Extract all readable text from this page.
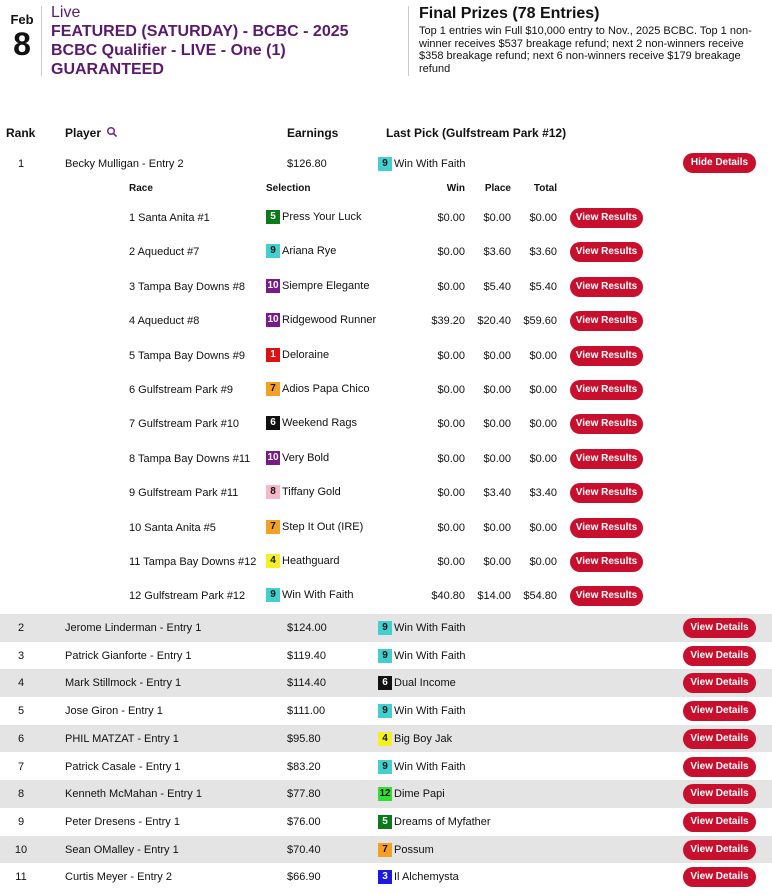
Feb
8
Live
FEATURED (SATURDAY) - BCBC - 2025 BCBC Qualifier - LIVE - One (1) GUARANTEED
Final Prizes (78 Entries)
Top 1 entries win Full $10,000 entry to Nov., 2025 BCBC. Top 1 non-winner receives $537 breakage refund; next 2 non-winners receive $358 breakage refund; next 6 non-winners receive $179 breakage refund
Rank Player	Earnings	Last Pick (Gulfstream Park #12)
1	Becky Mulligan - Entry 2	$126.80	9 Win With Faith	Hide Details
Race	Selection	Win	Place	Total
1 Santa Anita #1	5 Press Your Luck	$0.00	$0.00	$0.00	View Results
2 Aqueduct #7	9 Ariana Rye	$0.00	$3.60	$3.60	View Results
3 Tampa Bay Downs #8 10 Siempre Elegante	$0.00	$5.40	$5.40	View Results
4 Aqueduct #8	10 Ridgewood Runner	$39.20	$20.40	$59.60	View Results
5 Tampa Bay Downs #9	1 Deloraine	$0.00	$0.00	$0.00	View Results
6 Gulfstream Park #9	7 Adios Papa Chico	$0.00	$0.00	$0.00	View Results
7 Gulfstream Park #10	6 Weekend Rags	$0.00	$0.00	$0.00	View Results
8 Tampa Bay Downs #11 10 Very Bold	$0.00	$0.00	$0.00	View Results
9 Gulfstream Park #11	8 Tiffany Gold	$0.00	$3.40	$3.40	View Results
10 Santa Anita #5	7 Step It Out (IRE)	$0.00	$0.00	$0.00	View Results
11 Tampa Bay Downs #12	4 Heathguard	$0.00	$0.00	$0.00	View Results
12 Gulfstream Park #12	9 Win With Faith	$40.80	$14.00	$54.80	View Results
2	Jerome Linderman - Entry 1	$124.00	9 Win With Faith	View Details
3	Patrick Gianforte - Entry 1	$119.40	9 Win With Faith	View Details
4	Mark Stillmock - Entry 1	$114.40	6 Dual Income	View Details
5	Jose Giron - Entry 1	$111.00	9 Win With Faith	View Details
6	PHIL MATZAT - Entry 1	$95.80	4 Big Boy Jak	View Details
7	Patrick Casale - Entry 1	$83.20	9 Win With Faith	View Details
8	Kenneth McMahan - Entry 1	$77.80	12 Dime Papi	View Details
9	Peter Dresens - Entry 1	$76.00	5 Dreams of Myfather	View Details
10	Sean OMalley - Entry 1	$70.40	7 Possum	View Details
11	Curtis Meyer - Entry 2	$66.90	3 Il Alchemysta	View Details
